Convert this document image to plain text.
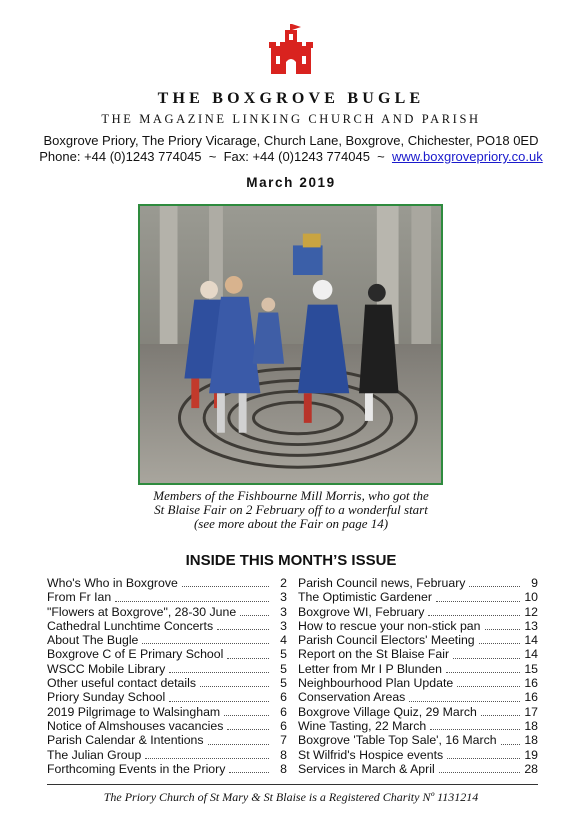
THE BOXGROVE BUGLE
THE MAGAZINE LINKING CHURCH AND PARISH
Boxgrove Priory, The Priory Vicarage, Church Lane, Boxgrove, Chichester, PO18 0ED
Phone: +44 (0)1243 774045  ~  Fax: +44 (0)1243 774045  ~  www.boxgrovepriory.co.uk
March 2019
Members of the Fishbourne Mill Morris, who got the
St Blaise Fair on 2 February off to a wonderful start
(see more about the Fair on page 14)
INSIDE THIS MONTH’S ISSUE
Who's Who in Boxgrove	2
From Fr Ian	3
"Flowers at Boxgrove", 28-30 June	3
Cathedral Lunchtime Concerts	3
About The Bugle	4
Boxgrove C of E Primary School	5
WSCC Mobile Library	5
Other useful contact details	5
Priory Sunday School	6
2019 Pilgrimage to Walsingham	6
Notice of Almshouses vacancies	6
Parish Calendar & Intentions	7
The Julian Group	8
Forthcoming Events in the Priory	8
Parish Council news, February	9
The Optimistic Gardener	10
Boxgrove WI, February	12
How to rescue your non-stick pan	13
Parish Council Electors' Meeting	14
Report on the St Blaise Fair	14
Letter from Mr I P Blunden	15
Neighbourhood Plan Update	16
Conservation Areas	16
Boxgrove Village Quiz, 29 March	17
Wine Tasting, 22 March	18
Boxgrove 'Table Top Sale', 16 March 18
St Wilfrid's Hospice events	19
Services in March & April	28
The Priory Church of St Mary & St Blaise is a Registered Charity Nº 1131214
